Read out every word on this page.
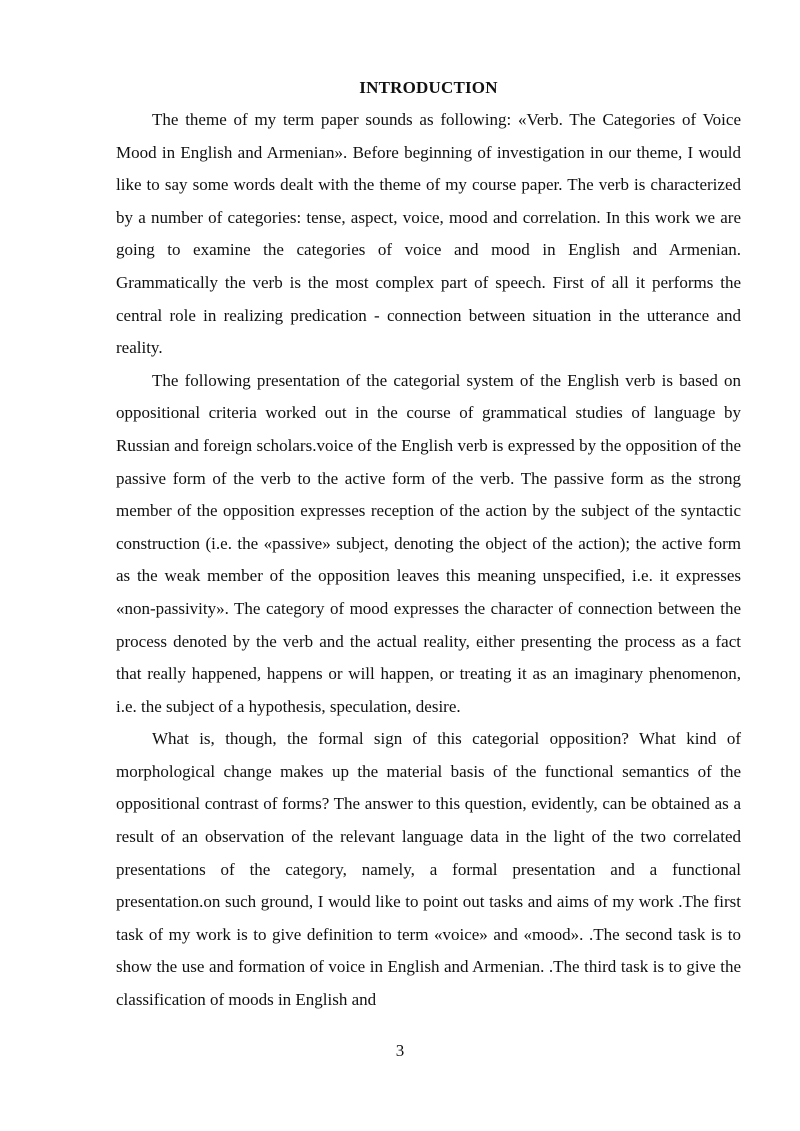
INTRODUCTION

The theme of my term paper sounds as following: «Verb. The Categories of Voice Mood in English and Armenian». Before beginning of investigation in our theme, I would like to say some words dealt with the theme of my course paper. The verb is characterized by a number of categories: tense, aspect, voice, mood and correlation. In this work we are going to examine the categories of voice and mood in English and Armenian. Grammatically the verb is the most complex part of speech. First of all it performs the central role in realizing predication - connection between situation in the utterance and reality.

The following presentation of the categorial system of the English verb is based on oppositional criteria worked out in the course of grammatical studies of language by Russian and foreign scholars.voice of the English verb is expressed by the opposition of the passive form of the verb to the active form of the verb. The passive form as the strong member of the opposition expresses reception of the action by the subject of the syntactic construction (i.e. the «passive» subject, denoting the object of the action); the active form as the weak member of the opposition leaves this meaning unspecified, i.e. it expresses «non-passivity». The category of mood expresses the character of connection between the process denoted by the verb and the actual reality, either presenting the process as a fact that really happened, happens or will happen, or treating it as an imaginary phenomenon, i.e. the subject of a hypothesis, speculation, desire.

What is, though, the formal sign of this categorial opposition? What kind of morphological change makes up the material basis of the functional semantics of the oppositional contrast of forms? The answer to this question, evidently, can be obtained as a result of an observation of the relevant language data in the light of the two correlated presentations of the category, namely, a formal presentation and a functional presentation.on such ground, I would like to point out tasks and aims of my work .The first task of my work is to give definition to term «voice» and «mood». .The second task is to show the use and formation of voice in English and Armenian. .The third task is to give the classification of moods in English and

3
